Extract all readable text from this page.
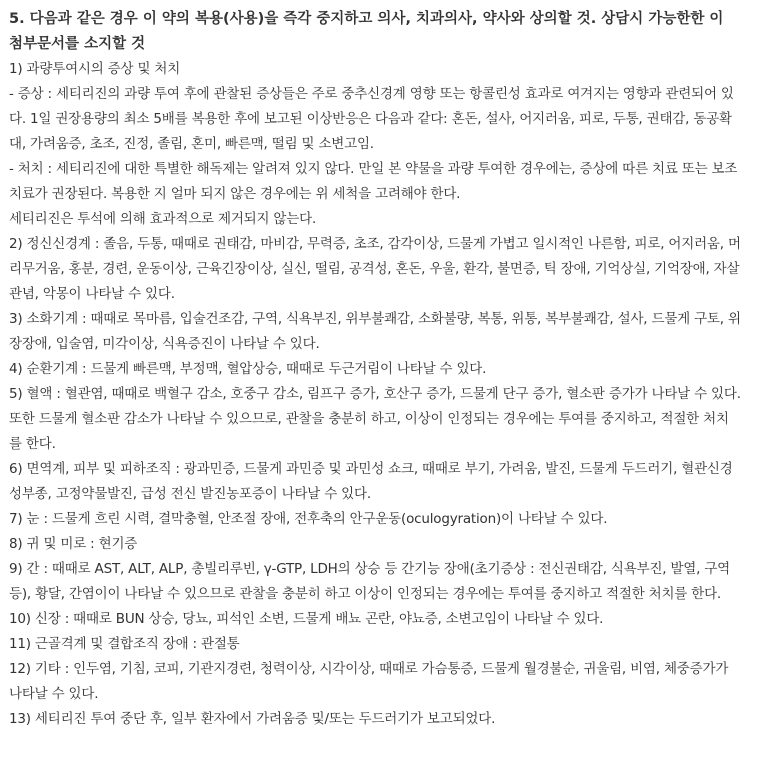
5. 다음과 같은 경우 이 약의 복용(사용)을 즉각 중지하고 의사, 치과의사, 약사와 상의할 것. 상담시 가능한한 이 첨부문서를 소지할 것

1) 과량투여시의 증상 및 처치

- 증상 : 세티리진의 과량 투여 후에 관찰된 증상들은 주로 중추신경계 영향 또는 항콜린성 효과로 여겨지는 영향과 관련되어 있다. 1일 권장용량의 최소 5배를 복용한 후에 보고된 이상반응은 다음과 같다: 혼돈, 설사, 어지러움, 피로, 두통, 권태감, 동공확대, 가려움증, 초조, 진정, 졸림, 혼미, 빠른맥, 떨림 및 소변고임.

- 처치 : 세티리진에 대한 특별한 해독제는 알려져 있지 않다. 만일 본 약물을 과량 투여한 경우에는, 증상에 따른 치료 또는 보조 치료가 권장된다. 복용한 지 얼마 되지 않은 경우에는 위 세척을 고려해야 한다.

세티리진은 투석에 의해 효과적으로 제거되지 않는다.

2) 정신신경계 : 졸음, 두통, 때때로 권태감, 마비감, 무력증, 초조, 감각이상, 드물게 가볍고 일시적인 나른함, 피로, 어지러움, 머리무거움, 홍분, 경련, 운동이상, 근육긴장이상, 실신, 떨림, 공격성, 혼돈, 우울, 환각, 불면증, 틱 장애, 기억상실, 기억장애, 자살관념, 악몽이 나타날 수 있다.

3) 소화기계 : 때때로 목마름, 입술건조감, 구역, 식욕부진, 위부불쾌감, 소화불량, 복통, 위통, 복부불쾌감, 설사, 드물게 구토, 위장장애, 입술염, 미각이상, 식욕증진이 나타날 수 있다.

4) 순환기계 : 드물게 빠른맥, 부정맥, 혈압상승, 때때로 두근거림이 나타날 수 있다.

5) 혈액 : 혈관염, 때때로 백혈구 감소, 호중구 감소, 림프구 증가, 호산구 증가, 드물게 단구 증가, 혈소판 증가가 나타날 수 있다. 또한 드물게 혈소판 감소가 나타날 수 있으므로, 관찰을 충분히 하고, 이상이 인정되는 경우에는 투여를 중지하고, 적절한 처치를 한다.

6) 면역계, 피부 및 피하조직 : 광과민증, 드물게 과민증 및 과민성 쇼크, 때때로 부기, 가려움, 발진, 드물게 두드러기, 혈관신경성부종, 고정약물발진, 급성 전신 발진농포증이 나타날 수 있다.

7) 눈 : 드물게 흐린 시력, 결막충혈, 안조절 장애, 전후축의 안구운동(oculogyration)이 나타날 수 있다.

8) 귀 및 미로 : 현기증

9) 간 : 때때로 AST, ALT, ALP, 총빌리루빈, γ-GTP, LDH의 상승 등 간기능 장애(초기증상 : 전신권태감, 식욕부진, 발열, 구역 등), 황달, 간염이이 나타날 수 있으므로 관찰을 충분히 하고 이상이 인정되는 경우에는 투여를 중지하고 적절한 처치를 한다.

10) 신장 : 때때로 BUN 상승, 당뇨, 피석인 소변, 드물게 배뇨 곤란, 야뇨증, 소변고임이 나타날 수 있다.

11) 근골격계 및 결합조직 장애 : 관절통

12) 기타 : 인두염, 기침, 코피, 기관지경련, 청력이상, 시각이상, 때때로 가슴통증, 드물게 월경불순, 귀울림, 비염, 체중증가가 나타날 수 있다.

13) 세티리진 투여 중단 후, 일부 환자에서 가려움증 및/또는 두드러기가 보고되었다.
